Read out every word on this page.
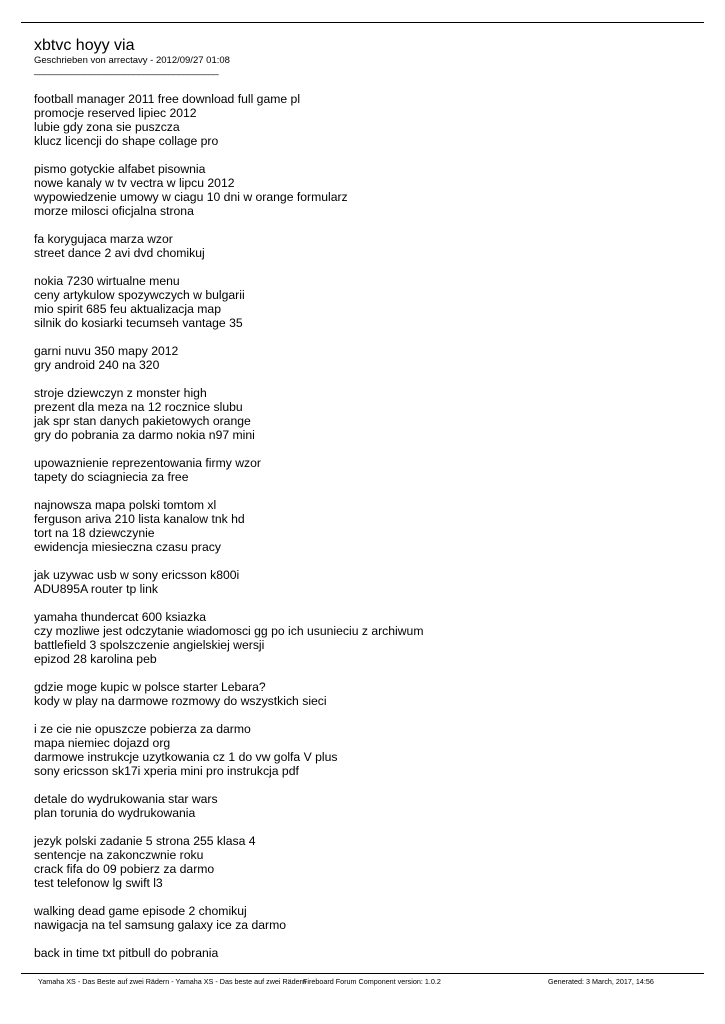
xbtvc hoyy via
Geschrieben von arrectavy - 2012/09/27 01:08
_____________________________________
football manager 2011 free download full game pl
promocje reserved lipiec 2012
lubie gdy zona sie puszcza
klucz licencji do shape collage pro
pismo gotyckie alfabet pisownia
nowe kanaly w tv vectra w lipcu 2012
wypowiedzenie umowy w ciagu 10 dni w orange formularz
morze milosci oficjalna strona
fa korygujaca marza wzor
street dance 2 avi dvd chomikuj
nokia 7230 wirtualne menu
ceny artykulow spozywczych w bulgarii
mio spirit 685 feu aktualizacja map
silnik do kosiarki tecumseh vantage 35
garni nuvu 350 mapy 2012
gry android 240 na 320
stroje dziewczyn z monster high
prezent dla meza na 12 rocznice slubu
jak spr stan danych pakietowych orange
gry do pobrania za darmo nokia n97 mini
upowaznienie reprezentowania firmy wzor
tapety do sciagniecia za free
najnowsza mapa polski tomtom xl
ferguson ariva 210 lista kanalow tnk hd
tort na 18 dziewczynie
ewidencja miesieczna czasu pracy
jak uzywac usb w sony ericsson k800i
ADU895A router tp link
yamaha thundercat 600 ksiazka
czy mozliwe jest odczytanie wiadomosci gg po ich usunieciu z archiwum
battlefield 3 spolszczenie angielskiej wersji
epizod 28 karolina peb
gdzie moge kupic w polsce starter Lebara?
kody w play na darmowe rozmowy do wszystkich sieci
i ze cie nie opuszcze pobierza za darmo
mapa niemiec dojazd org
darmowe instrukcje uzytkowania cz 1 do vw golfa V plus
sony ericsson sk17i xperia mini pro instrukcja pdf
detale do wydrukowania star wars
plan torunia do wydrukowania
jezyk polski zadanie 5 strona 255 klasa 4
sentencje na zakonczwnie roku
crack fifa do 09 pobierz za darmo
test telefonow lg swift l3
walking dead game episode 2 chomikuj
nawigacja na tel samsung galaxy ice za darmo
back in time txt pitbull do pobrania
Yamaha XS - Das Beste auf zwei Rädern - Yamaha XS - Das beste auf zwei Rädern
Fireboard Forum Component version: 1.0.2	Generated: 3 March, 2017, 14:56
